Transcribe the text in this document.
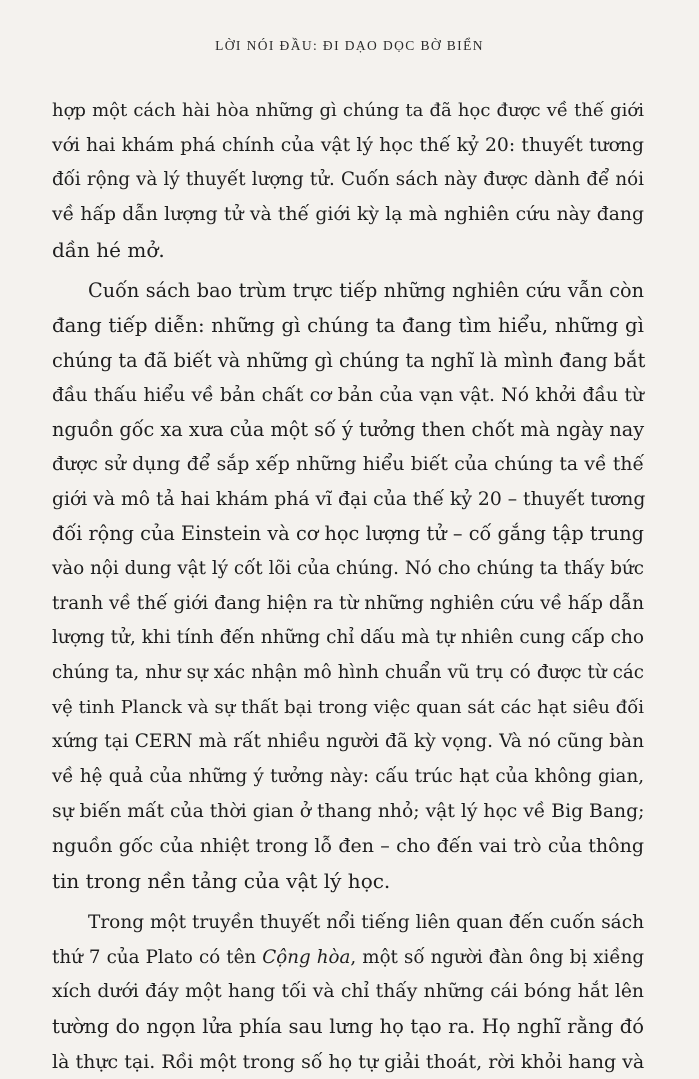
LỜI NÓI ĐẦU: ĐI DẠO DỌC BỜ BIỂN
hợp một cách hài hòa những gì chúng ta đã học được về thế giới
với hai khám phá chính của vật lý học thế kỷ 20: thuyết tương
đối rộng và lý thuyết lượng tử. Cuốn sách này được dành để nói
về hấp dẫn lượng tử và thế giới kỳ lạ mà nghiên cứu này đang
dần hé mở.
Cuốn sách bao trùm trực tiếp những nghiên cứu vẫn còn
đang tiếp diễn: những gì chúng ta đang tìm hiểu, những gì
chúng ta đã biết và những gì chúng ta nghĩ là mình đang bắt
đầu thấu hiểu về bản chất cơ bản của vạn vật. Nó khởi đầu từ
nguồn gốc xa xưa của một số ý tưởng then chốt mà ngày nay
được sử dụng để sắp xếp những hiểu biết của chúng ta về thế
giới và mô tả hai khám phá vĩ đại của thế kỷ 20 – thuyết tương
đối rộng của Einstein và cơ học lượng tử – cố gắng tập trung
vào nội dung vật lý cốt lõi của chúng. Nó cho chúng ta thấy bức
tranh về thế giới đang hiện ra từ những nghiên cứu về hấp dẫn
lượng tử, khi tính đến những chỉ dấu mà tự nhiên cung cấp cho
chúng ta, như sự xác nhận mô hình chuẩn vũ trụ có được từ các
vệ tinh Planck và sự thất bại trong việc quan sát các hạt siêu đối
xứng tại CERN mà rất nhiều người đã kỳ vọng. Và nó cũng bàn
về hệ quả của những ý tưởng này: cấu trúc hạt của không gian,
sự biến mất của thời gian ở thang nhỏ; vật lý học về Big Bang;
nguồn gốc của nhiệt trong lỗ đen – cho đến vai trò của thông
tin trong nền tảng của vật lý học.
Trong một truyền thuyết nổi tiếng liên quan đến cuốn sách
thứ 7 của Plato có tên Cộng hòa, một số người đàn ông bị xiềng
xích dưới đáy một hang tối và chỉ thấy những cái bóng hắt lên
tường do ngọn lửa phía sau lưng họ tạo ra. Họ nghĩ rằng đó
là thực tại. Rồi một trong số họ tự giải thoát, rời khỏi hang và
